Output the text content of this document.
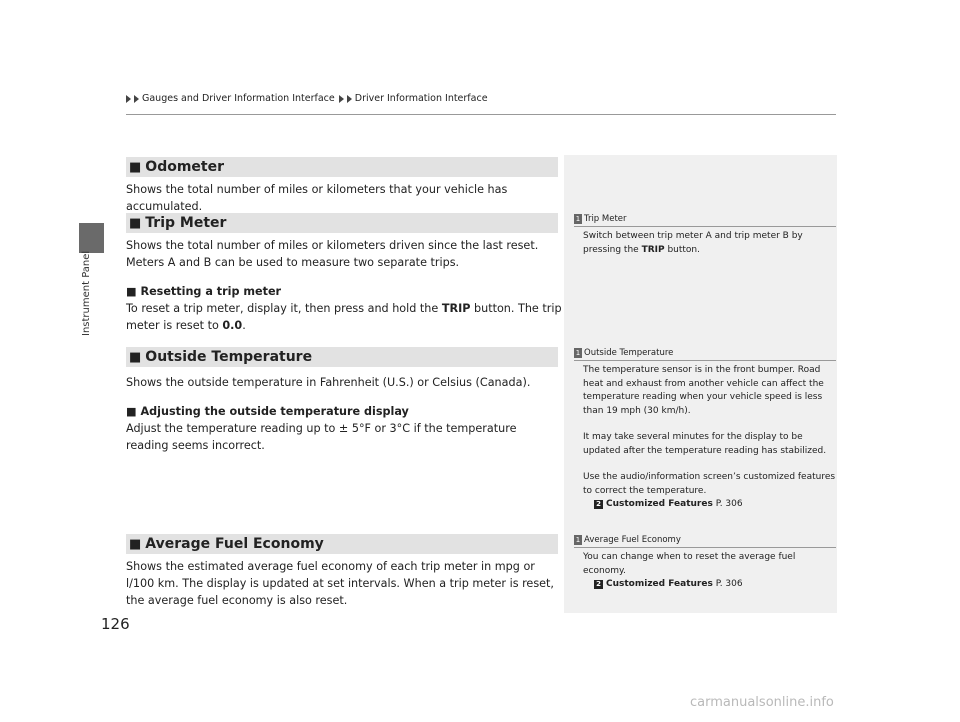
Gauges and Driver Information Interface Driver Information Interface
Instrument Panel
126
■ Odometer
Shows the total number of miles or kilometers that your vehicle has accumulated.
■ Trip Meter
Shows the total number of miles or kilometers driven since the last reset. Meters A and B can be used to measure two separate trips.
■ Resetting a trip meter
To reset a trip meter, display it, then press and hold the TRIP button. The trip meter is reset to 0.0.
■ Outside Temperature
Shows the outside temperature in Fahrenheit (U.S.) or Celsius (Canada).
■ Adjusting the outside temperature display
Adjust the temperature reading up to ± 5°F or 3°C if the temperature reading seems incorrect.
■ Average Fuel Economy
Shows the estimated average fuel economy of each trip meter in mpg or l/100 km. The display is updated at set intervals. When a trip meter is reset, the average fuel economy is also reset.
1 Trip Meter
Switch between trip meter A and trip meter B by pressing the TRIP button.
1 Outside Temperature
The temperature sensor is in the front bumper. Road heat and exhaust from another vehicle can affect the temperature reading when your vehicle speed is less than 19 mph (30 km/h).
It may take several minutes for the display to be updated after the temperature reading has stabilized.
Use the audio/information screen’s customized features to correct the temperature.
2 Customized Features P. 306
1 Average Fuel Economy
You can change when to reset the average fuel economy.
2 Customized Features P. 306
carmanualsonline.info
